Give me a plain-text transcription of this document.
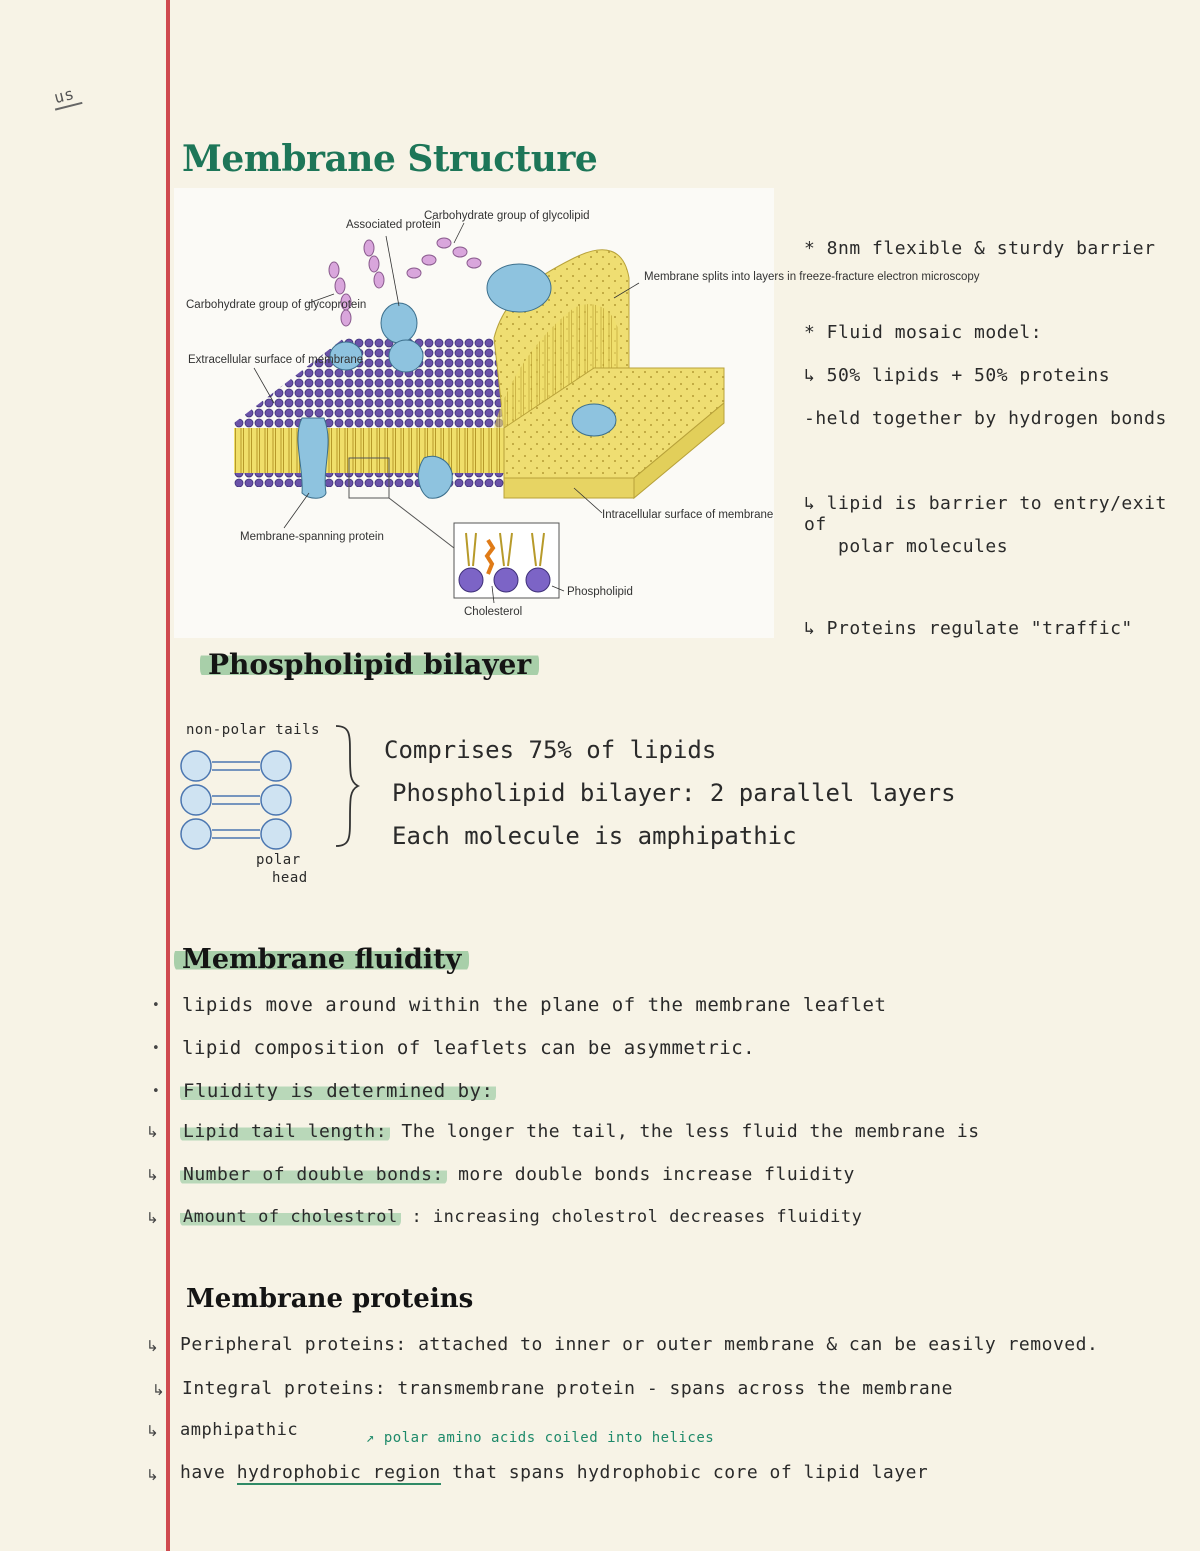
us
Membrane Structure
Associated protein
Carbohydrate group of glycolipid
Carbohydrate group of glycoprotein
Extracellular surface of membrane
Membrane splits into layers in freeze-fracture electron microscopy
Intracellular surface of membrane
Membrane-spanning protein
Phospholipid
Cholesterol
* 8nm flexible & sturdy barrier
* Fluid mosaic model:
↳ 50% lipids + 50% proteins
-held together by hydrogen bonds
↳ lipid is barrier to entry/exit of
polar molecules
↳ Proteins regulate "traffic"
Phospholipid bilayer
non-polar tails
polar
head
Comprises 75% of lipids
Phospholipid bilayer: 2 parallel layers
Each molecule is amphipathic
Membrane fluidity
• lipids move around within the plane of the membrane leaflet
• lipid composition of leaflets can be asymmetric.
• Fluidity is determined by:
↳ Lipid tail length: The longer the tail, the less fluid the membrane is
↳ Number of double bonds: more double bonds increase fluidity
↳ Amount of cholestrol : increasing cholestrol decreases fluidity
Membrane proteins
↳ Peripheral proteins: attached to inner or outer membrane & can be easily removed.
↳ Integral proteins: transmembrane protein - spans across the membrane
↳ amphipathic	↗ polar amino acids coiled into helices
↳ have hydrophobic region that spans hydrophobic core of lipid layer
